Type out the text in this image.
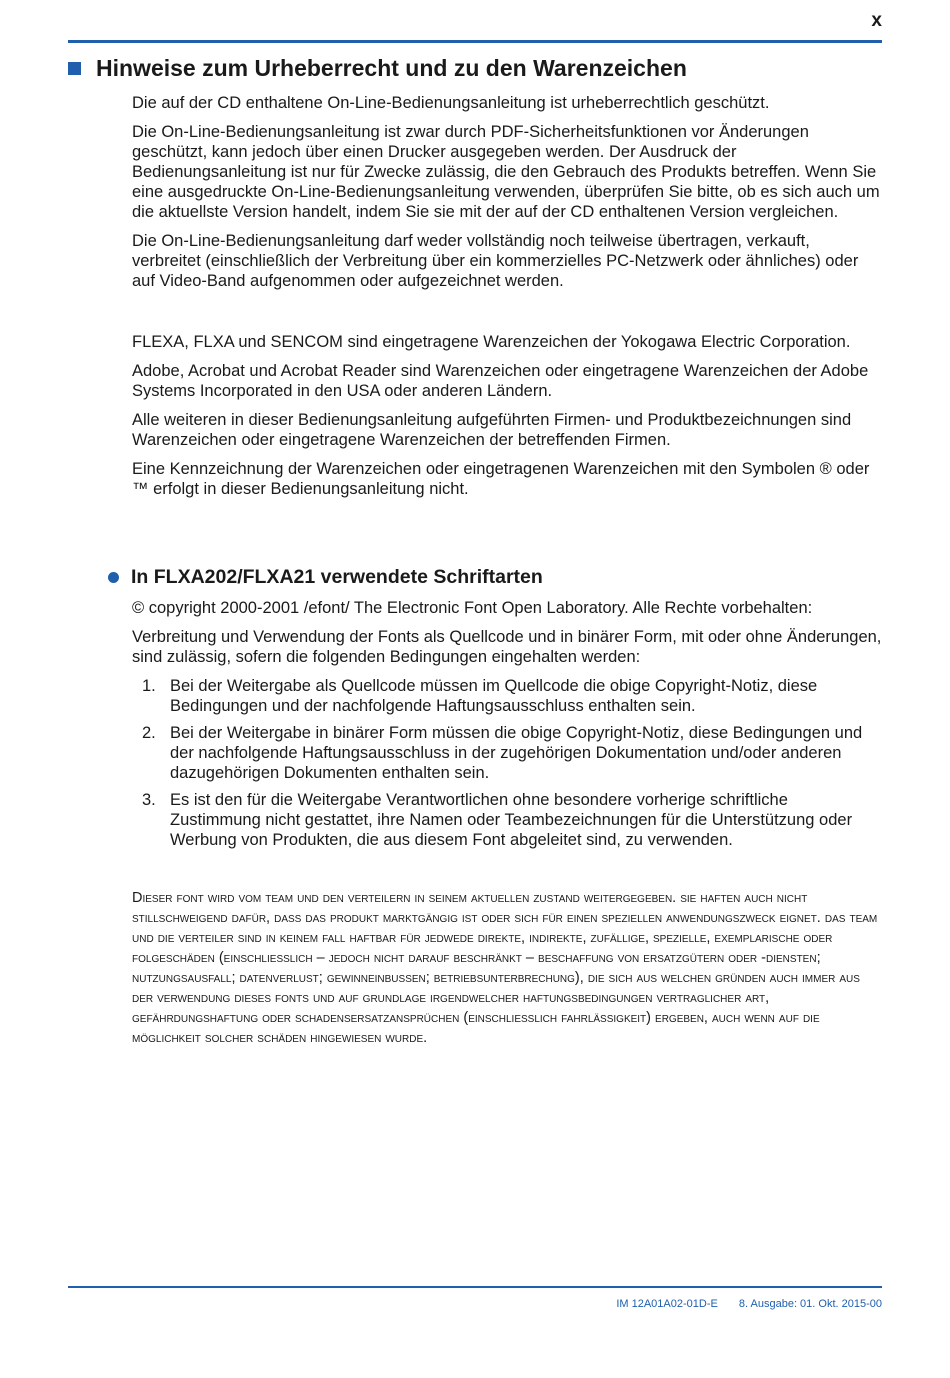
x
Hinweise zum Urheberrecht und zu den Warenzeichen

Die auf der CD enthaltene On-Line-Bedienungsanleitung ist urheberrechtlich geschützt.

Die On-Line-Bedienungsanleitung ist zwar durch PDF-Sicherheitsfunktionen vor Änderungen geschützt, kann jedoch über einen Drucker ausgegeben werden. Der Ausdruck der Bedienungsanleitung ist nur für Zwecke zulässig, die den Gebrauch des Produkts betreffen. Wenn Sie eine ausgedruckte On-Line-Bedienungsanleitung verwenden, überprüfen Sie bitte, ob es sich auch um die aktuellste Version handelt, indem Sie sie mit der auf der CD enthaltenen Version vergleichen.

Die On-Line-Bedienungsanleitung darf weder vollständig noch teilweise übertragen, verkauft, verbreitet (einschließlich der Verbreitung über ein kommerzielles PC-Netzwerk oder ähnliches) oder auf Video-Band aufgenommen oder aufgezeichnet werden.

FLEXA, FLXA und SENCOM sind eingetragene Warenzeichen der Yokogawa Electric Corporation.

Adobe, Acrobat und Acrobat Reader sind Warenzeichen oder eingetragene Warenzeichen der Adobe Systems Incorporated in den USA oder anderen Ländern.

Alle weiteren in dieser Bedienungsanleitung aufgeführten Firmen- und Produktbezeichnungen sind Warenzeichen oder eingetragene Warenzeichen der betreffenden Firmen.

Eine Kennzeichnung der Warenzeichen oder eingetragenen Warenzeichen mit den Symbolen ® oder ™ erfolgt in dieser Bedienungsanleitung nicht.

In FLXA202/FLXA21 verwendete Schriftarten

© copyright 2000-2001 /efont/ The Electronic Font Open Laboratory. Alle Rechte vorbehalten:

Verbreitung und Verwendung der Fonts als Quellcode und in binärer Form, mit oder ohne Änderungen, sind zulässig, sofern die folgenden Bedingungen eingehalten werden:

1. Bei der Weitergabe als Quellcode müssen im Quellcode die obige Copyright-Notiz, diese Bedingungen und der nachfolgende Haftungsausschluss enthalten sein.
2. Bei der Weitergabe in binärer Form müssen die obige Copyright-Notiz, diese Bedingungen und der nachfolgende Haftungsausschluss in der zugehörigen Dokumentation und/oder anderen dazugehörigen Dokumenten enthalten sein.
3. Es ist den für die Weitergabe Verantwortlichen ohne besondere vorherige schriftliche Zustimmung nicht gestattet, ihre Namen oder Teambezeichnungen für die Unterstützung oder Werbung von Produkten, die aus diesem Font abgeleitet sind, zu verwenden.
Dieser font wird vom team und den verteilern in seinem aktuellen zustand weitergegeben. sie haften auch nicht stillschweigend dafür, dass das produkt marktgängig ist oder sich für einen speziellen anwendungszweck eignet. das team und die verteiler sind in keinem fall haftbar für jedwede direkte, indirekte, zufällige, spezielle, exemplarische oder folgeschäden (einschliesslich – jedoch nicht darauf beschränkt – beschaffung von ersatzgütern oder -diensten; nutzungsausfall; datenverlust; gewinneinbussen; betriebsunterbrechung), die sich aus welchen gründen auch immer aus der verwendung dieses fonts und auf grundlage irgendwelcher haftungsbedingungen vertraglicher art, gefährdungshaftung oder schadensersatzansprüchen (einschliesslich fahrlässigkeit) ergeben, auch wenn auf die möglichkeit solcher schäden hingewiesen wurde.
IM 12A01A02-01D-E 8. Ausgabe: 01. Okt. 2015-00
